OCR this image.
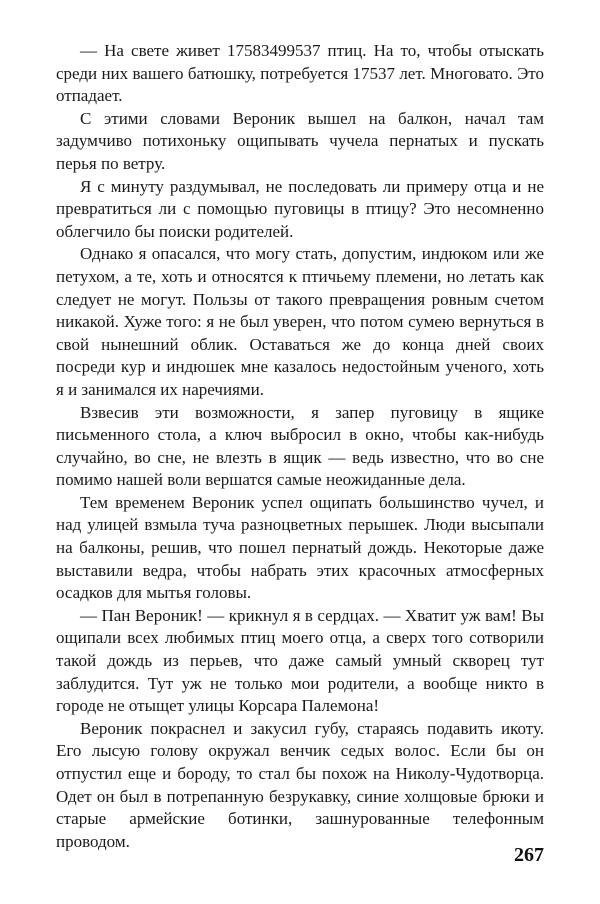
— На свете живет 17583499537 птиц. На то, чтобы отыскать среди них вашего батюшку, потребуется 17537 лет. Многовато. Это отпадает.

С этими словами Вероник вышел на балкон, начал там задумчиво потихоньку ощипывать чучела пернатых и пускать перья по ветру.

Я с минуту раздумывал, не последовать ли примеру отца и не превратиться ли с помощью пуговицы в птицу? Это несомненно облегчило бы поиски родителей.

Однако я опасался, что могу стать, допустим, индюком или же петухом, а те, хоть и относятся к птичьему племени, но летать как следует не могут. Пользы от такого превращения ровным счетом никакой. Хуже того: я не был уверен, что потом сумею вернуться в свой нынешний облик. Оставаться же до конца дней своих посреди кур и индюшек мне казалось недостойным ученого, хоть я и занимался их наречиями.

Взвесив эти возможности, я запер пуговицу в ящике письменного стола, а ключ выбросил в окно, чтобы как-нибудь случайно, во сне, не влезть в ящик — ведь известно, что во сне помимо нашей воли вершатся самые неожиданные дела.

Тем временем Вероник успел ощипать большинство чучел, и над улицей взмыла туча разноцветных перышек. Люди высыпали на балконы, решив, что пошел пернатый дождь. Некоторые даже выставили ведра, чтобы набрать этих красочных атмосферных осадков для мытья головы.

— Пан Вероник! — крикнул я в сердцах. — Хватит уж вам! Вы ощипали всех любимых птиц моего отца, а сверх того сотворили такой дождь из перьев, что даже самый умный скворец тут заблудится. Тут уж не только мои родители, а вообще никто в городе не отыщет улицы Корсара Палемона!

Вероник покраснел и закусил губу, стараясь подавить икоту. Его лысую голову окружал венчик седых волос. Если бы он отпустил еще и бороду, то стал бы похож на Николу-Чудотворца. Одет он был в потрепанную безрукавку, синие холщовые брюки и старые армейские ботинки, зашнурованные телефонным проводом.

267
